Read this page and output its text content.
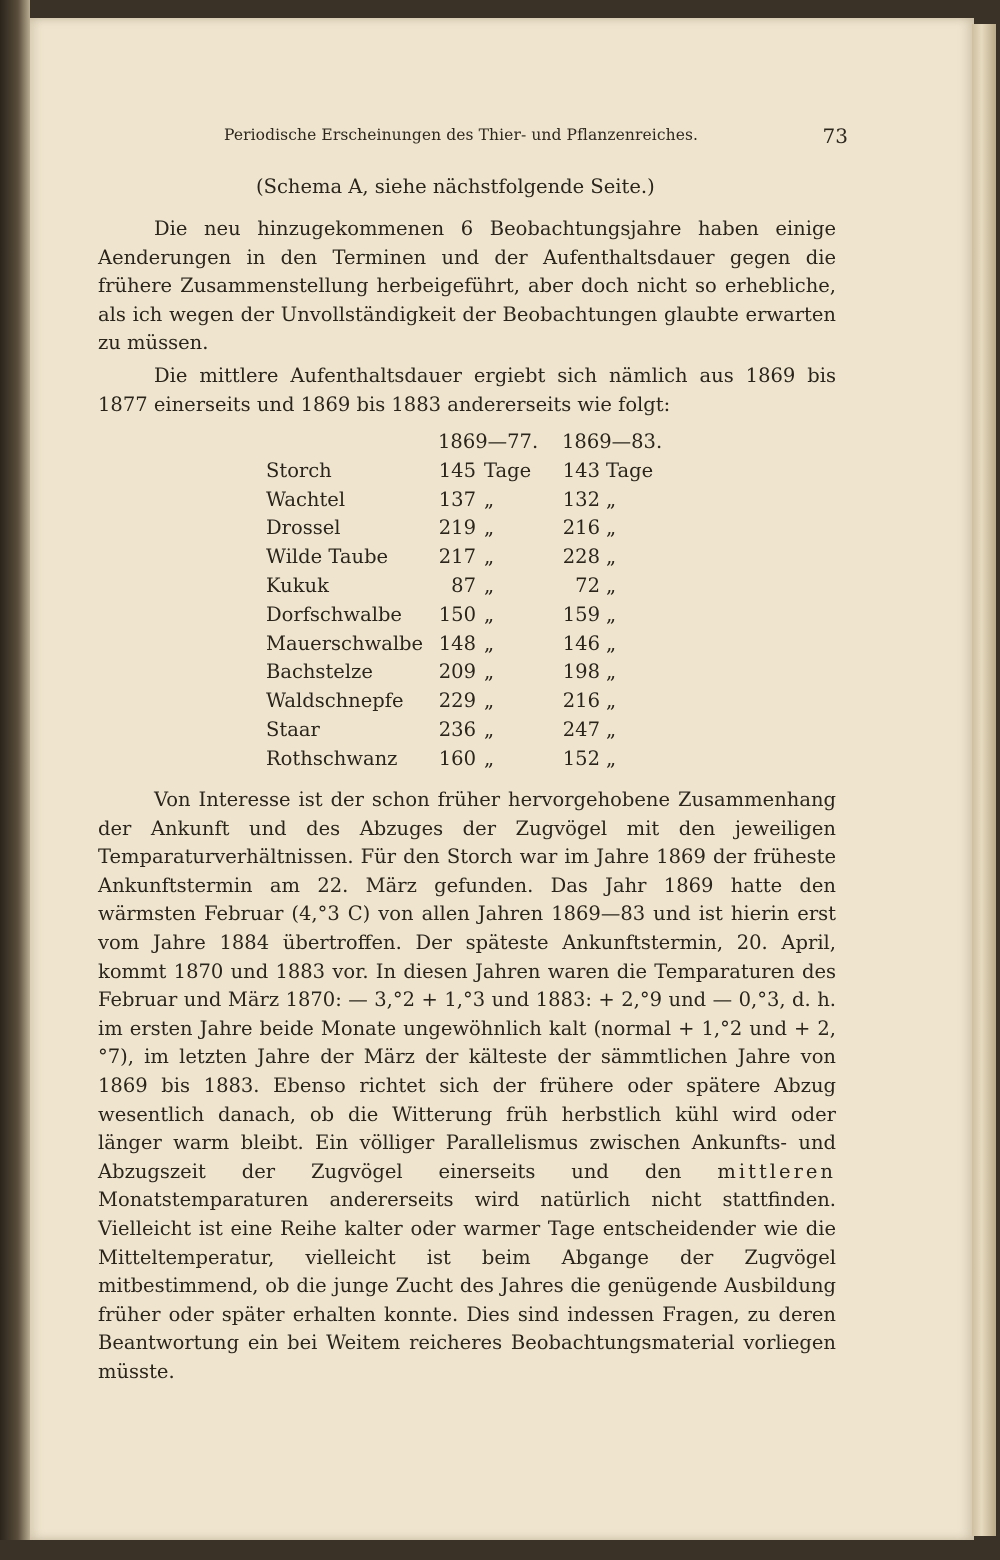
Periodische Erscheinungen des Thier- und Pflanzenreiches.	73
(Schema A, siehe nächstfolgende Seite.)

Die neu hinzugekommenen 6 Beobachtungsjahre haben einige Aenderungen in den Terminen und der Aufenthaltsdauer gegen die frühere Zusammenstellung herbeigeführt, aber doch nicht so erhebliche, als ich wegen der Unvollständigkeit der Beobachtungen glaubte erwarten zu müssen.

Die mittlere Aufenthaltsdauer ergiebt sich nämlich aus 1869 bis 1877 einerseits und 1869 bis 1883 andererseits wie folgt:

1869—77. 1869—83.
Storch	145 Tage	143 Tage
Wachtel	137 „	132 „
Drossel	219 „	216 „
Wilde Taube	217 „	228 „
Kukuk	87 „	72 „
Dorfschwalbe 150 „	159 „
Mauerschwalbe 148 „	146 „
Bachstelze	209 „	198 „
Waldschnepfe 229 „	216 „
Staar	236 „	247 „
Rothschwanz 160 „	152 „

Von Interesse ist der schon früher hervorgehobene Zusammenhang der Ankunft und des Abzuges der Zugvögel mit den jeweiligen Temparaturverhältnissen. Für den Storch war im Jahre 1869 der früheste Ankunftstermin am 22. März gefunden. Das Jahr 1869 hatte den wärmsten Februar (4,°3 C) von allen Jahren 1869—83 und ist hierin erst vom Jahre 1884 übertroffen. Der späteste Ankunftstermin, 20. April, kommt 1870 und 1883 vor. In diesen Jahren waren die Temparaturen des Februar und März 1870: — 3,°2 + 1,°3 und 1883: + 2,°9 und — 0,°3, d. h. im ersten Jahre beide Monate ungewöhnlich kalt (normal + 1,°2 und + 2,°7), im letzten Jahre der März der kälteste der sämmtlichen Jahre von 1869 bis 1883. Ebenso richtet sich der frühere oder spätere Abzug wesentlich danach, ob die Witterung früh herbstlich kühl wird oder länger warm bleibt. Ein völliger Parallelismus zwischen Ankunfts- und Abzugszeit der Zugvögel einerseits und den mittleren Monatstemparaturen andererseits wird natürlich nicht stattfinden. Vielleicht ist eine Reihe kalter oder warmer Tage entscheidender wie die Mitteltemperatur, vielleicht ist beim Abgange der Zugvögel mitbestimmend, ob die junge Zucht des Jahres die genügende Ausbildung früher oder später erhalten konnte. Dies sind indessen Fragen, zu deren Beantwortung ein bei Weitem reicheres Beobachtungsmaterial vorliegen müsste.
